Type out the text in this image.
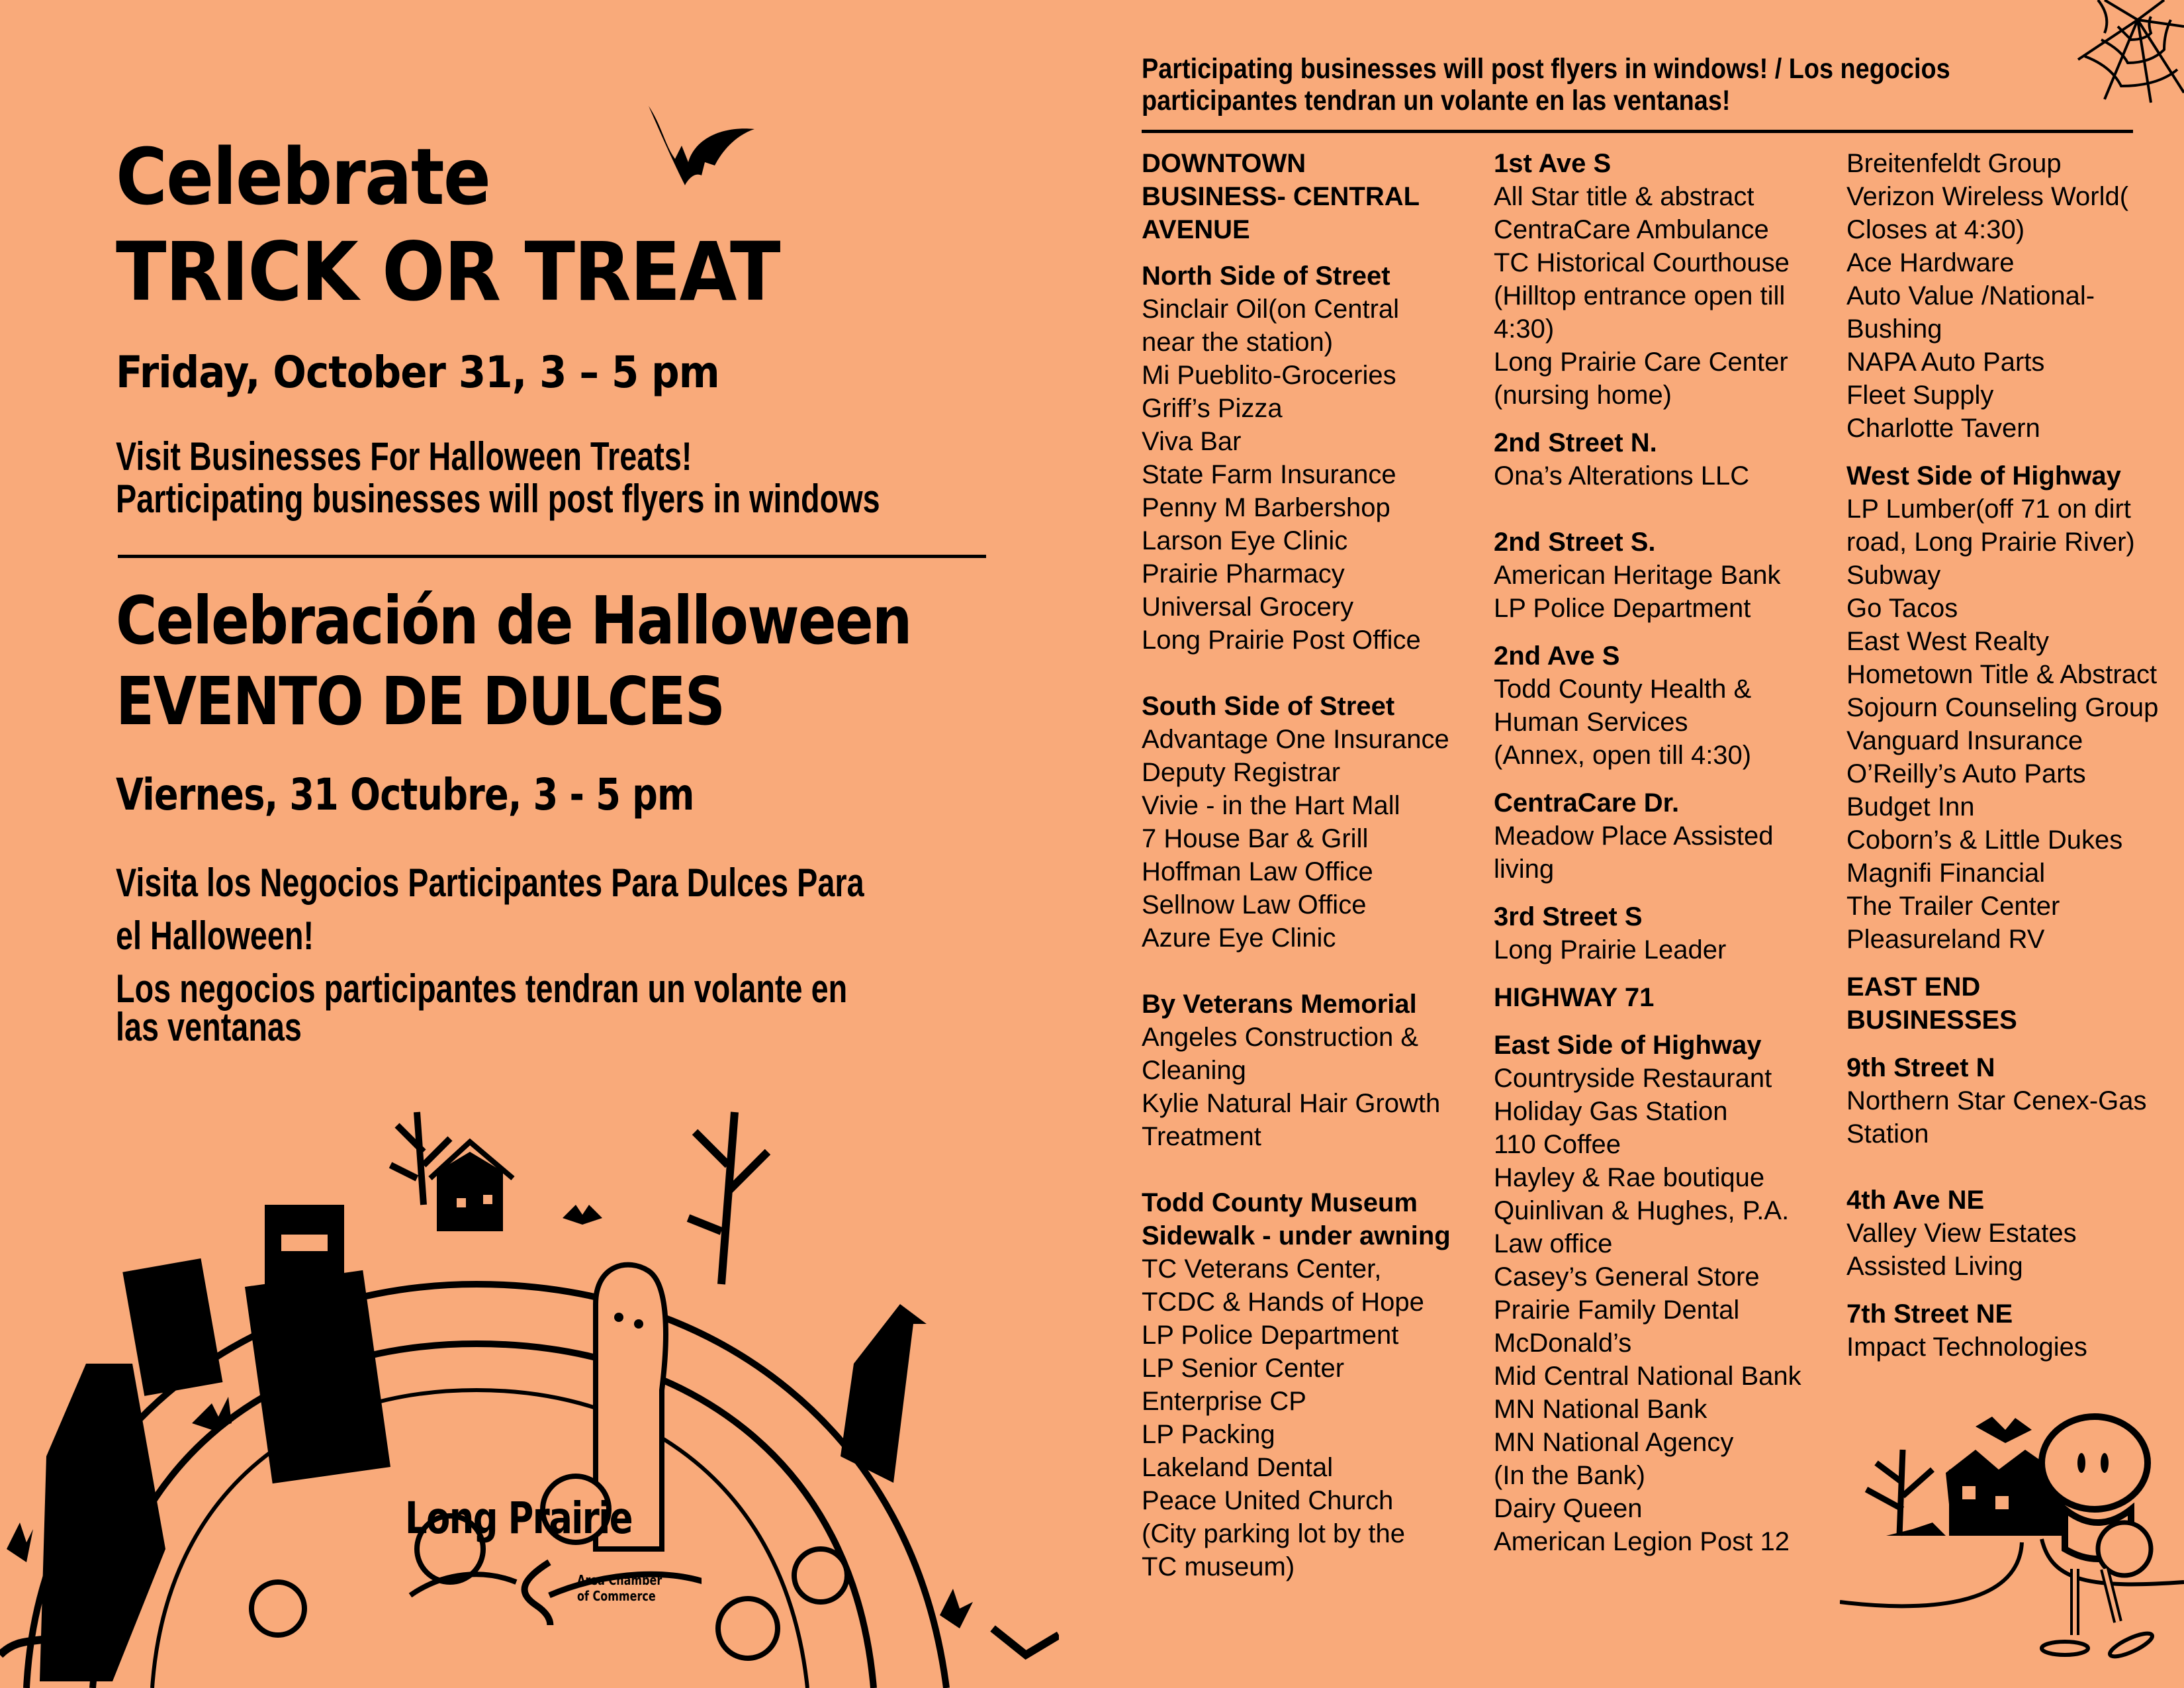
Celebrate
TRICK OR TREAT
Friday, October 31, 3 – 5 pm

Visit Businesses For Halloween Treats!

Participating businesses will post flyers in windows

Celebración de Halloween
EVENTO DE DULCES
Viernes, 31 Octubre, 3 - 5 pm

Visita los Negocios Participantes Para Dulces Para

el Halloween!

Los negocios participantes tendran un volante en

las ventanas

Long Prairie
Area Chamber
of Commerce
Participating businesses will post flyers in windows! / Los negocios
participantes tendran un volante en las ventanas!
DOWNTOWN
BUSINESS- CENTRAL
AVENUE

North Side of Street

Sinclair Oil(on Central

near the station)

Mi Pueblito-Groceries

Griff’s Pizza

Viva Bar

State Farm Insurance

Penny M Barbershop

Larson Eye Clinic

Prairie Pharmacy

Universal Grocery

Long Prairie Post Office

South Side of Street

Advantage One Insurance

Deputy Registrar

Vivie - in the Hart Mall

7 House Bar & Grill

Hoffman Law Office

Sellnow Law Office

Azure Eye Clinic

By Veterans Memorial

Angeles Construction &

Cleaning

Kylie Natural Hair Growth

Treatment

Todd County Museum

Sidewalk - under awning

TC Veterans Center,

TCDC & Hands of Hope

LP Police Department

LP Senior Center

Enterprise CP

LP Packing

Lakeland Dental

Peace United Church

(City parking lot by the

TC museum)

1st Ave S

All Star title & abstract

CentraCare Ambulance

TC Historical Courthouse

(Hilltop entrance open till

4:30)

Long Prairie Care Center

(nursing home)

2nd Street N.

Ona’s Alterations LLC

2nd Street S.

American Heritage Bank

LP Police Department

2nd Ave S

Todd County Health &

Human Services

(Annex, open till 4:30)

CentraCare Dr.

Meadow Place Assisted

living

3rd Street S

Long Prairie Leader

HIGHWAY 71

East Side of Highway

Countryside Restaurant

Holiday Gas Station

110 Coffee

Hayley & Rae boutique

Quinlivan & Hughes, P.A.

Law office

Casey’s General Store

Prairie Family Dental

McDonald’s

Mid Central National Bank

MN National Bank

MN National Agency

(In the Bank)

Dairy Queen

American Legion Post 12

Breitenfeldt Group

Verizon Wireless World(

Closes at 4:30)

Ace Hardware

Auto Value /National-

Bushing

NAPA Auto Parts

Fleet Supply

Charlotte Tavern

West Side of Highway

LP Lumber(off 71 on dirt

road, Long Prairie River)

Subway

Go Tacos

East West Realty

Hometown Title & Abstract

Sojourn Counseling Group

Vanguard Insurance

O’Reilly’s Auto Parts

Budget Inn

Coborn’s & Little Dukes

Magnifi Financial

The Trailer Center

Pleasureland RV

EAST END

BUSINESSES

9th Street N

Northern Star Cenex-Gas

Station

4th Ave NE

Valley View Estates

Assisted Living

7th Street NE

Impact Technologies
